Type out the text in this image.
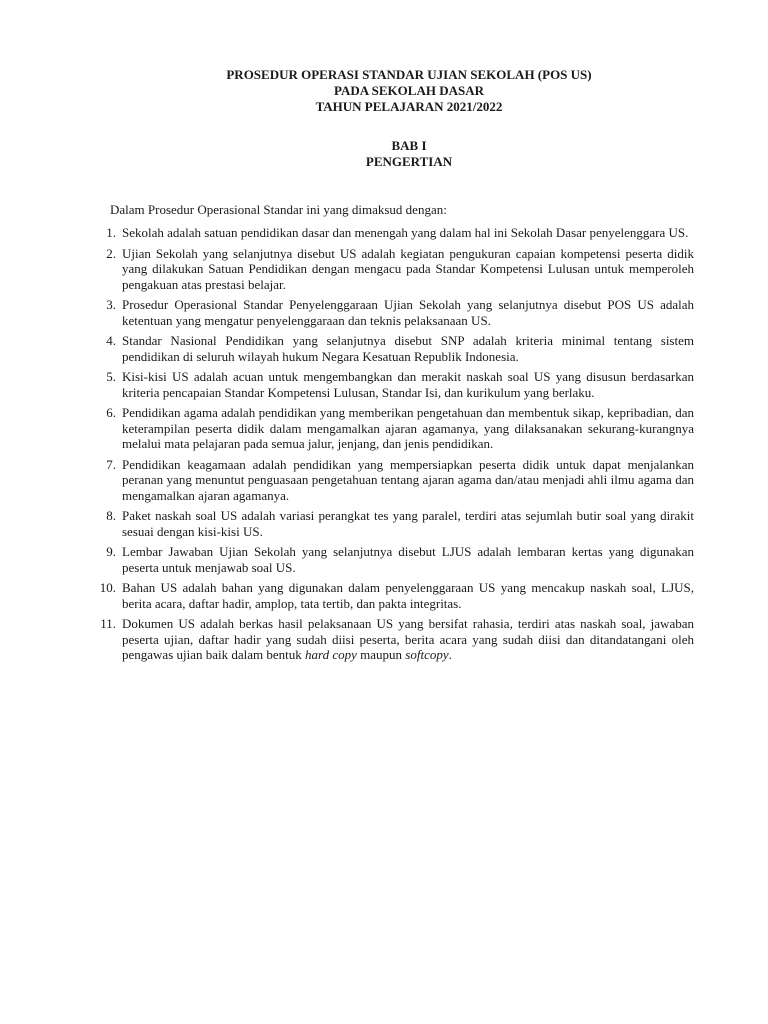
PROSEDUR OPERASI STANDAR UJIAN SEKOLAH (POS US)
PADA SEKOLAH DASAR
TAHUN PELAJARAN 2021/2022
BAB I
PENGERTIAN
Dalam Prosedur Operasional Standar ini yang dimaksud dengan:
1. Sekolah adalah satuan pendidikan dasar dan menengah yang dalam hal ini Sekolah Dasar penyelenggara US.
2. Ujian Sekolah yang selanjutnya disebut US adalah kegiatan pengukuran capaian kompetensi peserta didik yang dilakukan Satuan Pendidikan dengan mengacu pada Standar Kompetensi Lulusan untuk memperoleh pengakuan atas prestasi belajar.
3. Prosedur Operasional Standar Penyelenggaraan Ujian Sekolah yang selanjutnya disebut POS US adalah ketentuan yang mengatur penyelenggaraan dan teknis pelaksanaan US.
4. Standar Nasional Pendidikan yang selanjutnya disebut SNP adalah kriteria minimal tentang sistem pendidikan di seluruh wilayah hukum Negara Kesatuan Republik Indonesia.
5. Kisi-kisi US adalah acuan untuk mengembangkan dan merakit naskah soal US yang disusun berdasarkan kriteria pencapaian Standar Kompetensi Lulusan, Standar Isi, dan kurikulum yang berlaku.
6. Pendidikan agama adalah pendidikan yang memberikan pengetahuan dan membentuk sikap, kepribadian, dan keterampilan peserta didik dalam mengamalkan ajaran agamanya, yang dilaksanakan sekurang-kurangnya melalui mata pelajaran pada semua jalur, jenjang, dan jenis pendidikan.
7. Pendidikan keagamaan adalah pendidikan yang mempersiapkan peserta didik untuk dapat menjalankan peranan yang menuntut penguasaan pengetahuan tentang ajaran agama dan/atau menjadi ahli ilmu agama dan mengamalkan ajaran agamanya.
8. Paket naskah soal US adalah variasi perangkat tes yang paralel, terdiri atas sejumlah butir soal yang dirakit sesuai dengan kisi-kisi US.
9. Lembar Jawaban Ujian Sekolah yang selanjutnya disebut LJUS adalah lembaran kertas yang digunakan peserta untuk menjawab soal US.
10. Bahan US adalah bahan yang digunakan dalam penyelenggaraan US yang mencakup naskah soal, LJUS, berita acara, daftar hadir, amplop, tata tertib, dan pakta integritas.
11. Dokumen US adalah berkas hasil pelaksanaan US yang bersifat rahasia, terdiri atas naskah soal, jawaban peserta ujian, daftar hadir yang sudah diisi peserta, berita acara yang sudah diisi dan ditandatangani oleh pengawas ujian baik dalam bentuk hard copy maupun softcopy.
